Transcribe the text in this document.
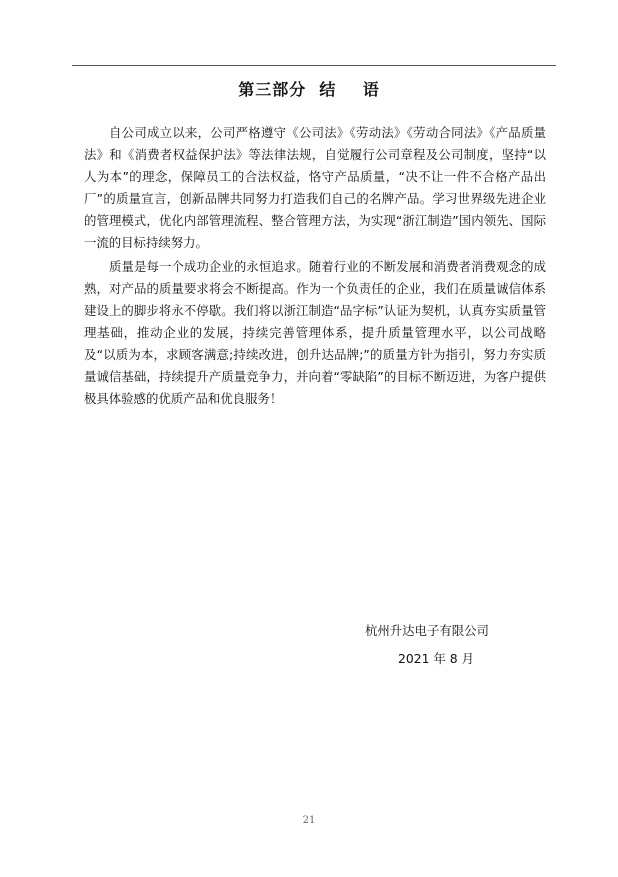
第三部分  结    语

自公司成立以来，公司严格遵守《公司法》《劳动法》《劳动合同法》《产品质量法》和《消费者权益保护法》等法律法规，自觉履行公司章程及公司制度，坚持“以人为本”的理念，保障员工的合法权益，恪守产品质量，“决不让一件不合格产品出厂”的质量宣言，创新品牌共同努力打造我们自己的名牌产品。学习世界级先进企业的管理模式，优化内部管理流程、整合管理方法，为实现“浙江制造”国内领先、国际一流的目标持续努力。

质量是每一个成功企业的永恒追求。随着行业的不断发展和消费者消费观念的成熟，对产品的质量要求将会不断提高。作为一个负责任的企业，我们在质量诚信体系建设上的脚步将永不停歇。我们将以浙江制造“品字标”认证为契机，认真夯实质量管理基础，推动企业的发展，持续完善管理体系，提升质量管理水平，以公司战略及“以质为本，求顾客满意;持续改进，创升达品牌;”的质量方针为指引，努力夯实质量诚信基础，持续提升产质量竞争力，并向着“零缺陷”的目标不断迈进，为客户提供极具体验感的优质产品和优良服务！

杭州升达电子有限公司
2021 年 8 月
21
